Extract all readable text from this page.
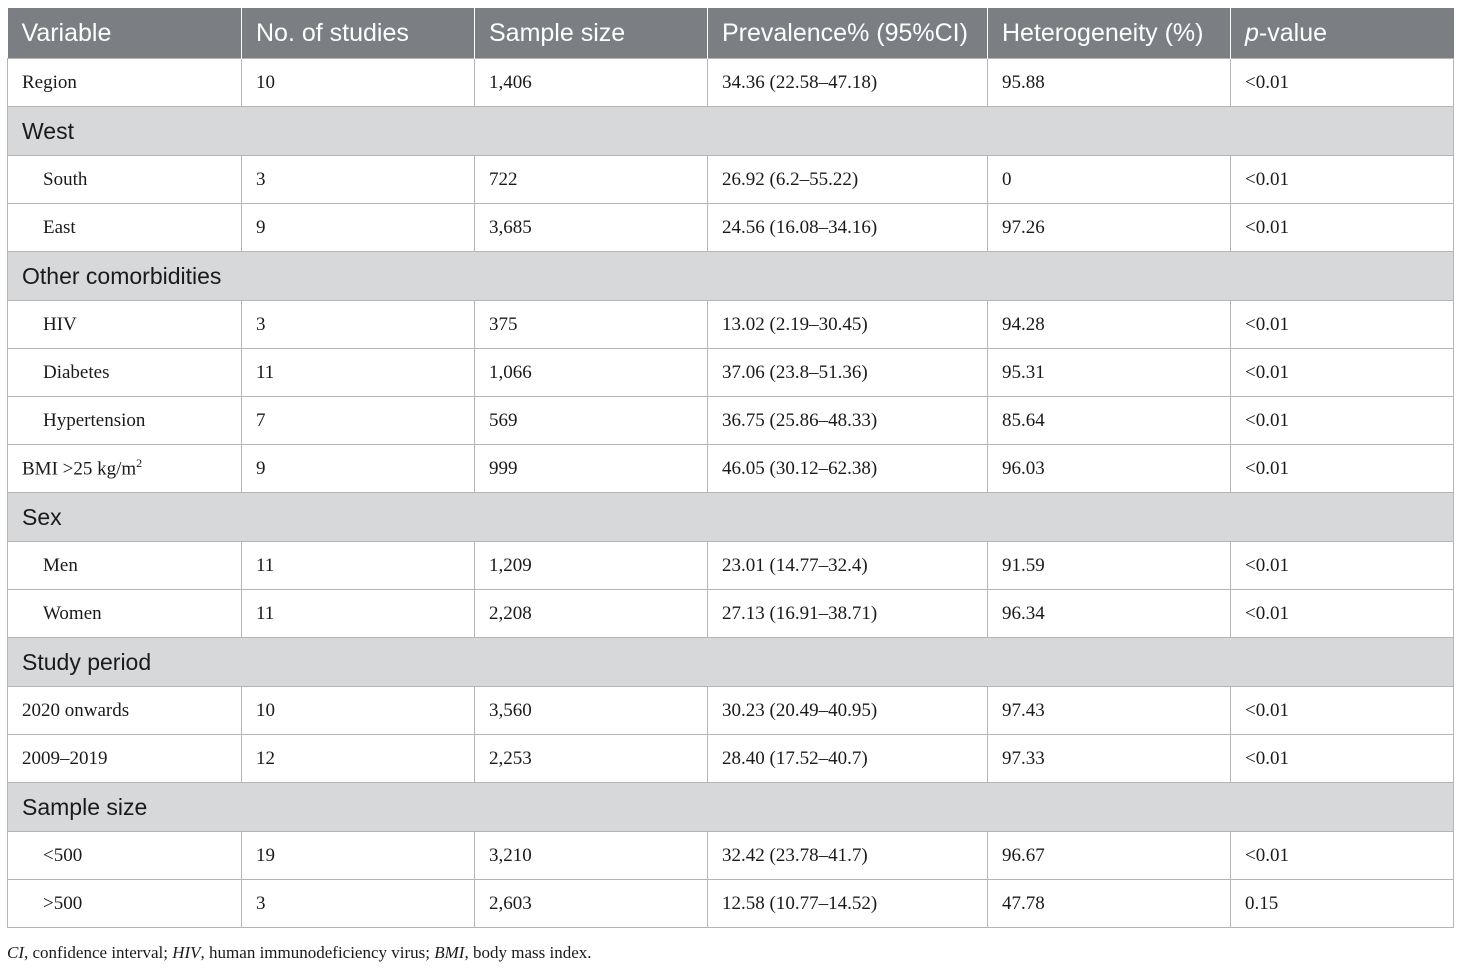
Variable	No. of studies	Sample size	Prevalence% (95%CI)	Heterogeneity (%)	p-value
Region	10	1,406	34.36 (22.58–47.18)	95.88	<0.01
West					
South	3	722	26.92 (6.2–55.22)	0	<0.01
East	9	3,685	24.56 (16.08–34.16)	97.26	<0.01
Other comorbidities					
HIV	3	375	13.02 (2.19–30.45)	94.28	<0.01
Diabetes	11	1,066	37.06 (23.8–51.36)	95.31	<0.01
Hypertension	7	569	36.75 (25.86–48.33)	85.64	<0.01
BMI >25 $kg/m^2$	9	999	46.05 (30.12–62.38)	96.03	<0.01
Sex					
Men	11	1,209	23.01 (14.77–32.4)	91.59	<0.01
Women	11	2,208	27.13 (16.91–38.71)	96.34	<0.01
Study period					
2020 onwards	10	3,560	30.23 (20.49–40.95)	97.43	<0.01
2009–2019	12	2,253	28.40 (17.52–40.7)	97.33	<0.01
Sample size					
<500	19	3,210	32.42 (23.78–41.7)	96.67	<0.01
>500	3	2,603	12.58 (10.77–14.52)	47.78	0.15
CI, confidence interval; HIV, human immunodeficiency virus; BMI, body mass index.
